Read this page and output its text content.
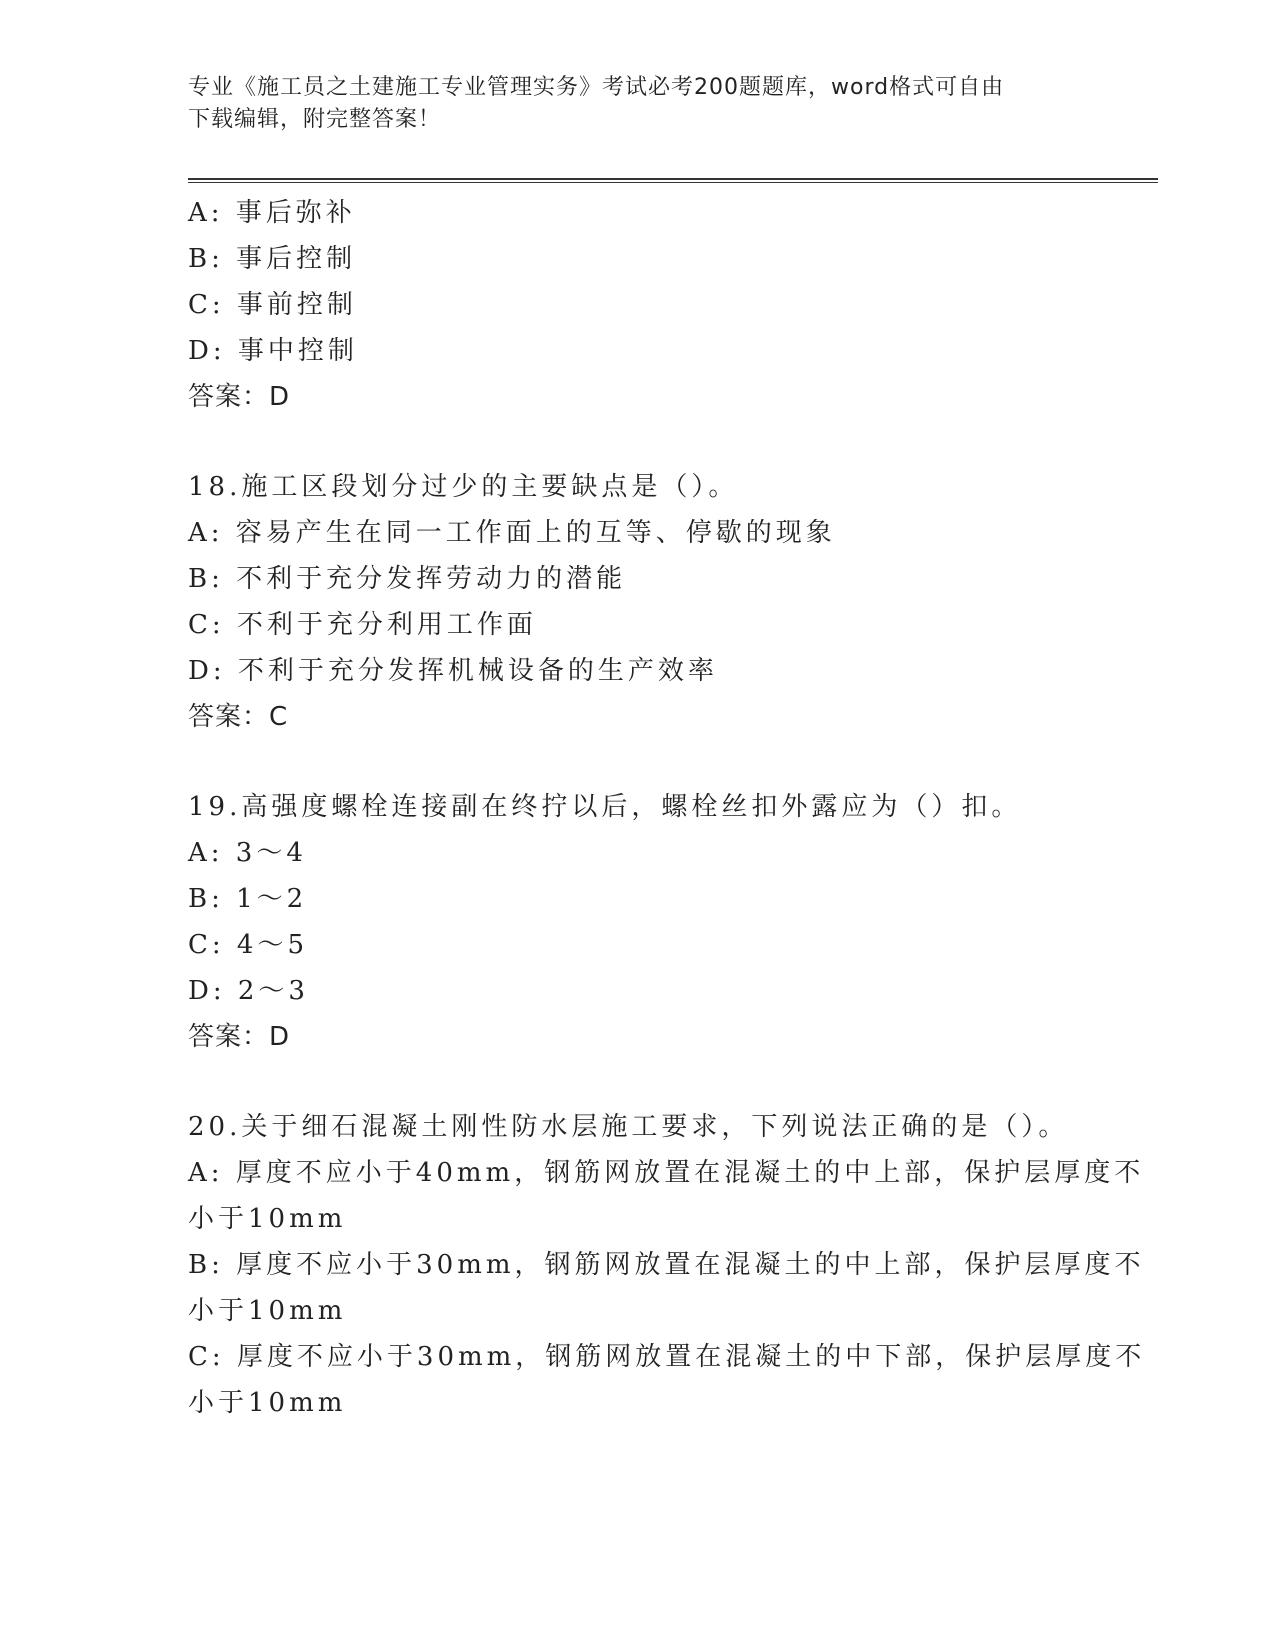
专业《施工员之土建施工专业管理实务》考试必考200题题库，word格式可自由
下载编辑，附完整答案！
A: 事后弥补
B: 事后控制
C: 事前控制
D: 事中控制
答案：D
18.施工区段划分过少的主要缺点是（）。
A: 容易产生在同一工作面上的互等、停歇的现象
B: 不利于充分发挥劳动力的潜能
C: 不利于充分利用工作面
D: 不利于充分发挥机械设备的生产效率
答案：C
19.高强度螺栓连接副在终拧以后，螺栓丝扣外露应为（）扣。
A: 3～4
B: 1～2
C: 4～5
D: 2～3
答案：D
20.关于细石混凝土刚性防水层施工要求，下列说法正确的是（）。
A: 厚度不应小于40mm，钢筋网放置在混凝土的中上部，保护层厚度不
小于10mm
B: 厚度不应小于30mm，钢筋网放置在混凝土的中上部，保护层厚度不
小于10mm
C: 厚度不应小于30mm，钢筋网放置在混凝土的中下部，保护层厚度不
小于10mm
